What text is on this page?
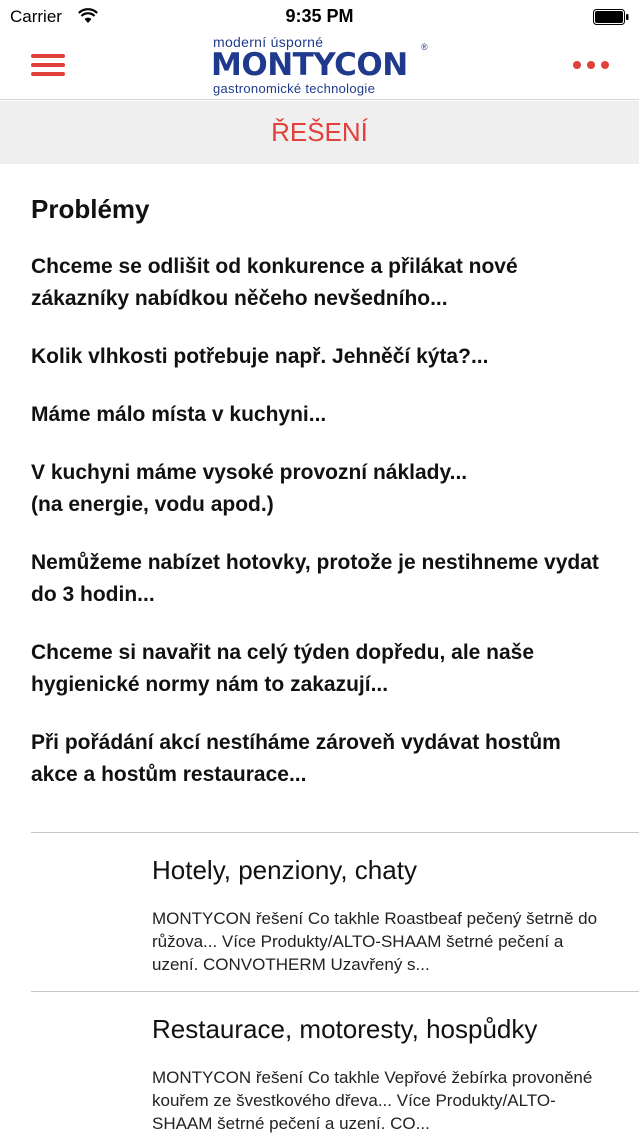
Carrier	9:35 PM
moderní úsporné
MONTYCON ®
gastronomické technologie
ŘEŠENÍ
Problémy
Chceme se odlišit od konkurence a přilákat nové zákazníky nabídkou něčeho nevšedního...
Kolik vlhkosti potřebuje např. Jehněčí kýta?...
Máme málo místa v kuchyni...
V kuchyni máme vysoké provozní náklady...
(na energie, vodu apod.)
Nemůžeme nabízet hotovky, protože je nestihneme vydat do 3 hodin...
Chceme si navařit na celý týden dopředu, ale naše hygienické normy nám to zakazují...
Při pořádání akcí nestíháme zároveň vydávat hostům akce a hostům restaurace...
Hotely, penziony, chaty
MONTYCON řešení Co takhle Roastbeaf pečený šetrně do růžova... Více Produkty/ALTO-SHAAM šetrné pečení a uzení. CONVOTHERM Uzavřený s...
Restaurace, motoresty, hospůdky
MONTYCON řešení Co takhle Vepřové žebírka provoněné kouřem ze švestkového dřeva... Více Produkty/ALTO-SHAAM šetrné pečení a uzení. CO...
